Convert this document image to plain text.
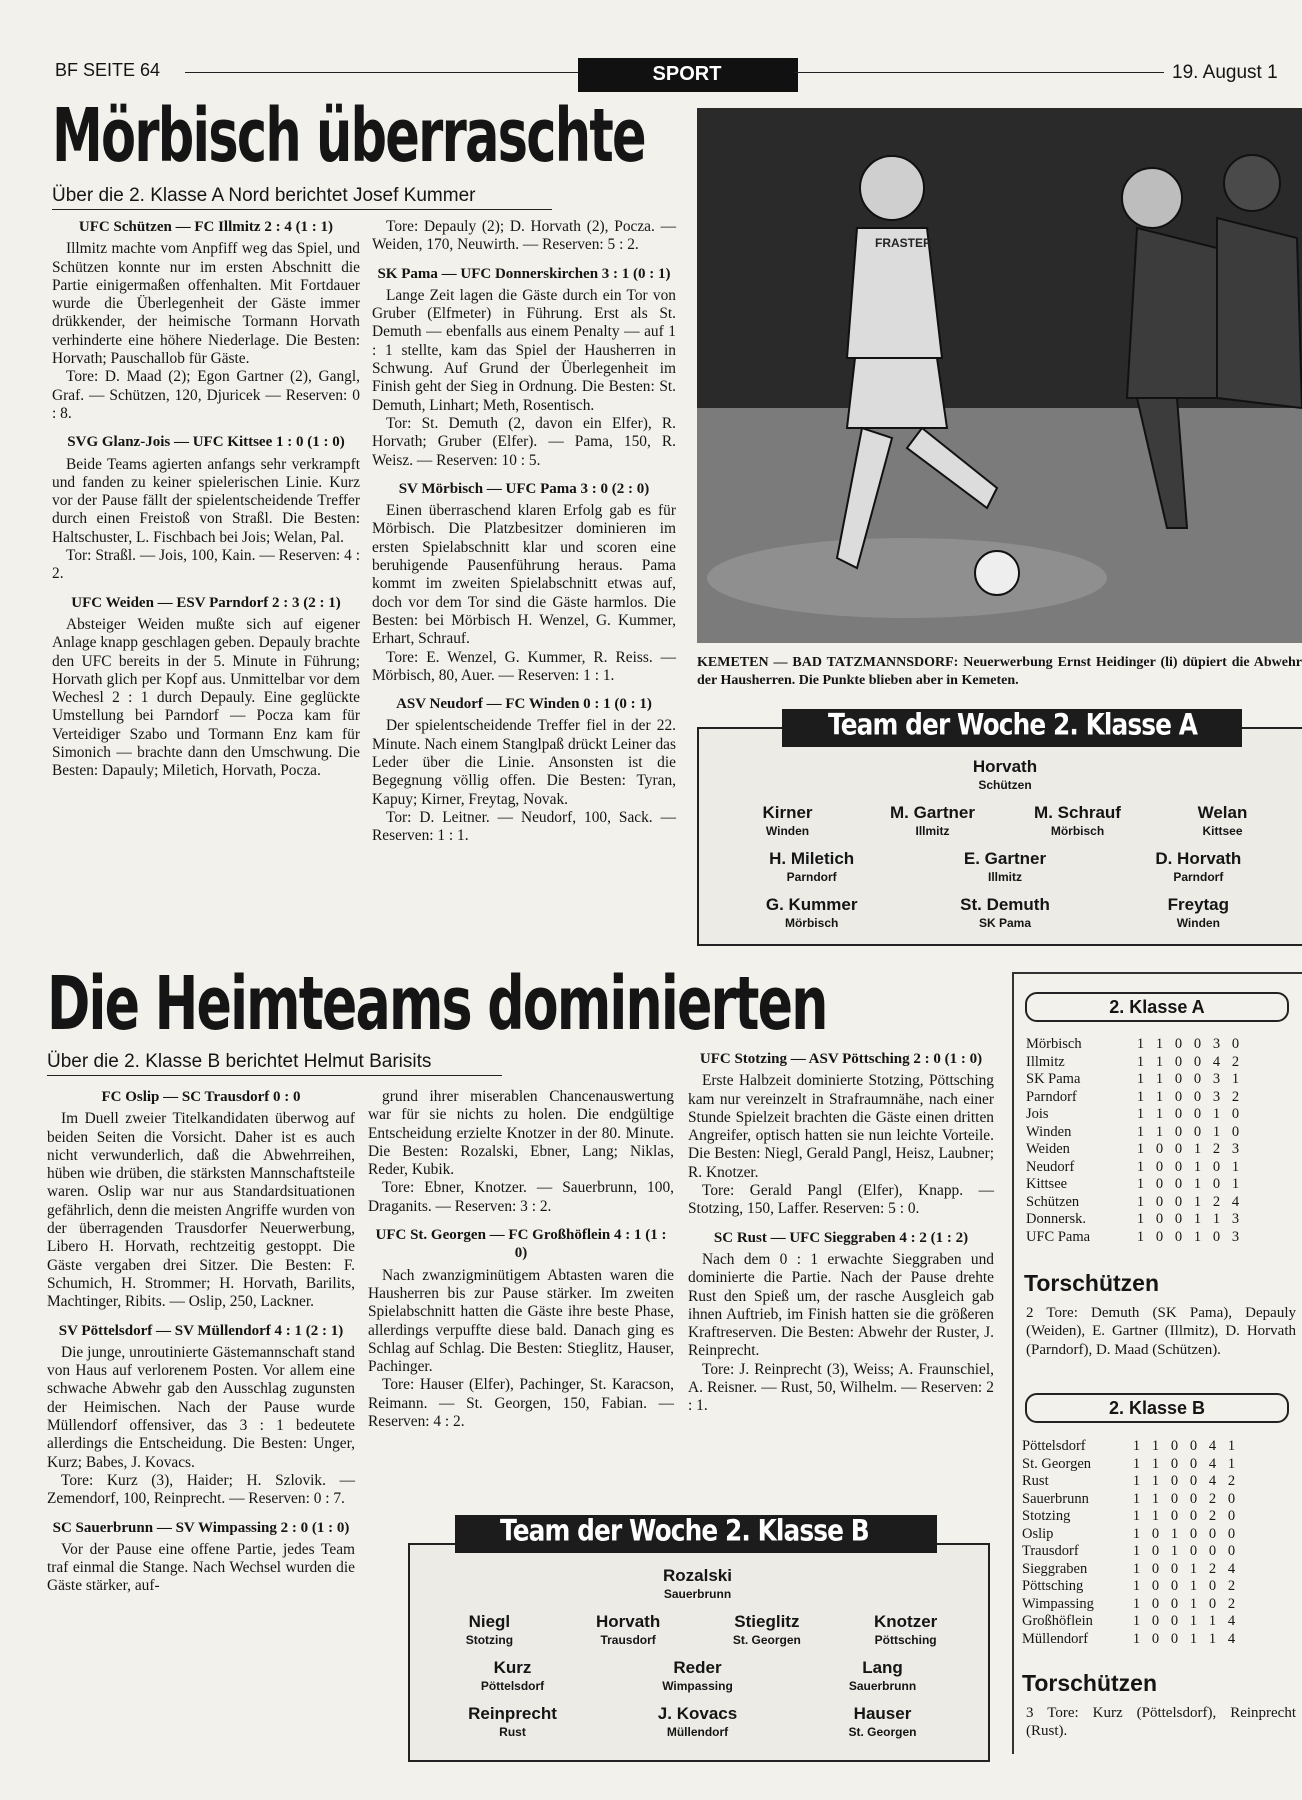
BF SEITE 64	SPORT	19. August 1
Mörbisch überraschte
Über die 2. Klasse A Nord berichtet Josef Kummer
UFC Schützen — FC Illmitz 2 : 4 (1 : 1)

Illmitz machte vom Anpfiff weg das Spiel, und Schützen konnte nur im ersten Abschnitt die Partie einigermaßen offenhalten. Mit Fortdauer wurde die Überlegenheit der Gäste immer drükkender, der heimische Tormann Horvath verhinderte eine höhere Niederlage. Die Besten: Horvath; Pauschallob für Gäste.

Tore: D. Maad (2); Egon Gartner (2), Gangl, Graf. — Schützen, 120, Djuricek — Reserven: 0 : 8.

SVG Glanz-Jois — UFC Kittsee 1 : 0 (1 : 0)

Beide Teams agierten anfangs sehr verkrampft und fanden zu keiner spielerischen Linie. Kurz vor der Pause fällt der spielentscheidende Treffer durch einen Freistoß von Straßl. Die Besten: Haltschuster, L. Fischbach bei Jois; Welan, Pal.

Tor: Straßl. — Jois, 100, Kain. — Reserven: 4 : 2.

UFC Weiden — ESV Parndorf 2 : 3 (2 : 1)

Absteiger Weiden mußte sich auf eigener Anlage knapp geschlagen geben. Depauly brachte den UFC bereits in der 5. Minute in Führung; Horvath glich per Kopf aus. Unmittelbar vor dem Wechesl 2 : 1 durch Depauly. Eine geglückte Umstellung bei Parndorf — Pocza kam für Verteidiger Szabo und Tormann Enz kam für Simonich — brachte dann den Umschwung. Die Besten: Dapauly; Miletich, Horvath, Pocza.

Tore: Depauly (2); D. Horvath (2), Pocza. — Weiden, 170, Neuwirth. — Reserven: 5 : 2.

SK Pama — UFC Donnerskirchen 3 : 1 (0 : 1)

Lange Zeit lagen die Gäste durch ein Tor von Gruber (Elfmeter) in Führung. Erst als St. Demuth — ebenfalls aus einem Penalty — auf 1 : 1 stellte, kam das Spiel der Hausherren in Schwung. Auf Grund der Überlegenheit im Finish geht der Sieg in Ordnung. Die Besten: St. Demuth, Linhart; Meth, Rosentisch.

Tor: St. Demuth (2, davon ein Elfer), R. Horvath; Gruber (Elfer). — Pama, 150, R. Weisz. — Reserven: 10 : 5.

SV Mörbisch — UFC Pama 3 : 0 (2 : 0)

Einen überraschend klaren Erfolg gab es für Mörbisch. Die Platzbesitzer dominieren im ersten Spielabschnitt klar und scoren eine beruhigende Pausenführung heraus. Pama kommt im zweiten Spielabschnitt etwas auf, doch vor dem Tor sind die Gäste harmlos. Die Besten: bei Mörbisch H. Wenzel, G. Kummer, Erhart, Schrauf.

Tore: E. Wenzel, G. Kummer, R. Reiss. — Mörbisch, 80, Auer. — Reserven: 1 : 1.

ASV Neudorf — FC Winden 0 : 1 (0 : 1)

Der spielentscheidende Treffer fiel in der 22. Minute. Nach einem Stanglpaß drückt Leiner das Leder über die Linie. Ansonsten ist die Begegnung völlig offen. Die Besten: Tyran, Kapuy; Kirner, Freytag, Novak.

Tor: D. Leitner. — Neudorf, 100, Sack. — Reserven: 1 : 1.

FRASTER
KEMETEN — BAD TATZMANNSDORF: Neuerwerbung Ernst Heidinger (li) düpiert die Abwehr der Hausherren. Die Punkte blieben aber in Kemeten.
Team der Woche 2. Klasse A
Horvath
Schützen
Kirner
Winden
M. Gartner
Illmitz
M. Schrauf
Mörbisch
Welan
Kittsee
H. Miletich
Parndorf
E. Gartner
Illmitz
D. Horvath
Parndorf
G. Kummer
Mörbisch
St. Demuth
SK Pama
Freytag
Winden
Die Heimteams dominierten
Über die 2. Klasse B berichtet Helmut Barisits
FC Oslip — SC Trausdorf 0 : 0

Im Duell zweier Titelkandidaten überwog auf beiden Seiten die Vorsicht. Daher ist es auch nicht verwunderlich, daß die Abwehrreihen, hüben wie drüben, die stärksten Mannschaftsteile waren. Oslip war nur aus Standardsituationen gefährlich, denn die meisten Angriffe wurden von der überragenden Trausdorfer Neuerwerbung, Libero H. Horvath, rechtzeitig gestoppt. Die Gäste vergaben drei Sitzer. Die Besten: F. Schumich, H. Strommer; H. Horvath, Barilits, Machtinger, Ribits. — Oslip, 250, Lackner.

SV Pöttelsdorf — SV Müllendorf 4 : 1 (2 : 1)

Die junge, unroutinierte Gästemannschaft stand von Haus auf verlorenem Posten. Vor allem eine schwache Abwehr gab den Ausschlag zugunsten der Heimischen. Nach der Pause wurde Müllendorf offensiver, das 3 : 1 bedeutete allerdings die Entscheidung. Die Besten: Unger, Kurz; Babes, J. Kovacs.

Tore: Kurz (3), Haider; H. Szlovik. — Zemendorf, 100, Reinprecht. — Reserven: 0 : 7.

SC Sauerbrunn — SV Wimpassing 2 : 0 (1 : 0)

Vor der Pause eine offene Partie, jedes Team traf einmal die Stange. Nach Wechsel wurden die Gäste stärker, auf-

grund ihrer miserablen Chancenauswertung war für sie nichts zu holen. Die endgültige Entscheidung erzielte Knotzer in der 80. Minute. Die Besten: Rozalski, Ebner, Lang; Niklas, Reder, Kubik.

Tore: Ebner, Knotzer. — Sauerbrunn, 100, Draganits. — Reserven: 3 : 2.

UFC St. Georgen — FC Großhöflein 4 : 1 (1 : 0)

Nach zwanzigminütigem Abtasten waren die Hausherren bis zur Pause stärker. Im zweiten Spielabschnitt hatten die Gäste ihre beste Phase, allerdings verpuffte diese bald. Danach ging es Schlag auf Schlag. Die Besten: Stieglitz, Hauser, Pachinger.

Tore: Hauser (Elfer), Pachinger, St. Karacson, Reimann. — St. Georgen, 150, Fabian. — Reserven: 4 : 2.

UFC Stotzing — ASV Pöttsching 2 : 0 (1 : 0)

Erste Halbzeit dominierte Stotzing, Pöttsching kam nur vereinzelt in Strafraumnähe, nach einer Stunde Spielzeit brachten die Gäste einen dritten Angreifer, optisch hatten sie nun leichte Vorteile. Die Besten: Niegl, Gerald Pangl, Heisz, Laubner; R. Knotzer.

Tore: Gerald Pangl (Elfer), Knapp. — Stotzing, 150, Laffer. Reserven: 5 : 0.

SC Rust — UFC Sieggraben 4 : 2 (1 : 2)

Nach dem 0 : 1 erwachte Sieggraben und dominierte die Partie. Nach der Pause drehte Rust den Spieß um, der rasche Ausgleich gab ihnen Auftrieb, im Finish hatten sie die größeren Kraftreserven. Die Besten: Abwehr der Ruster, J. Reinprecht.

Tore: J. Reinprecht (3), Weiss; A. Fraunschiel, A. Reisner. — Rust, 50, Wilhelm. — Reserven: 2 : 1.

Team der Woche 2. Klasse B
Rozalski
Sauerbrunn
Niegl
Stotzing
Horvath
Trausdorf
Stieglitz
St. Georgen
Knotzer
Pöttsching
Kurz
Pöttelsdorf
Reder
Wimpassing
Lang
Sauerbrunn
Reinprecht
Rust
J. Kovacs
Müllendorf
Hauser
St. Georgen
2. Klasse A
Mörbisch	1 1 0 0 3 0
Illmitz	1 1 0 0 4 2
SK Pama	1 1 0 0 3 1
Parndorf	1 1 0 0 3 2
Jois	1 1 0 0 1 0
Winden	1 1 0 0 1 0
Weiden	1 0 0 1 2 3
Neudorf	1 0 0 1 0 1
Kittsee	1 0 0 1 0 1
Schützen	1 0 0 1 2 4
Donnersk.	1 0 0 1 1 3
UFC Pama	1 0 0 1 0 3
Torschützen
2 Tore: Demuth (SK Pama), Depauly (Weiden), E. Gartner (Illmitz), D. Horvath (Parndorf), D. Maad (Schützen).
2. Klasse B
Pöttelsdorf	1 1 0 0 4 1
St. Georgen	1 1 0 0 4 1
Rust	1 1 0 0 4 2
Sauerbrunn	1 1 0 0 2 0
Stotzing	1 1 0 0 2 0
Oslip	1 0 1 0 0 0
Trausdorf	1 0 1 0 0 0
Sieggraben	1 0 0 1 2 4
Pöttsching	1 0 0 1 0 2
Wimpassing	1 0 0 1 0 2
Großhöflein	1 0 0 1 1 4
Müllendorf	1 0 0 1 1 4
Torschützen
3 Tore: Kurz (Pöttelsdorf), Reinprecht (Rust).
